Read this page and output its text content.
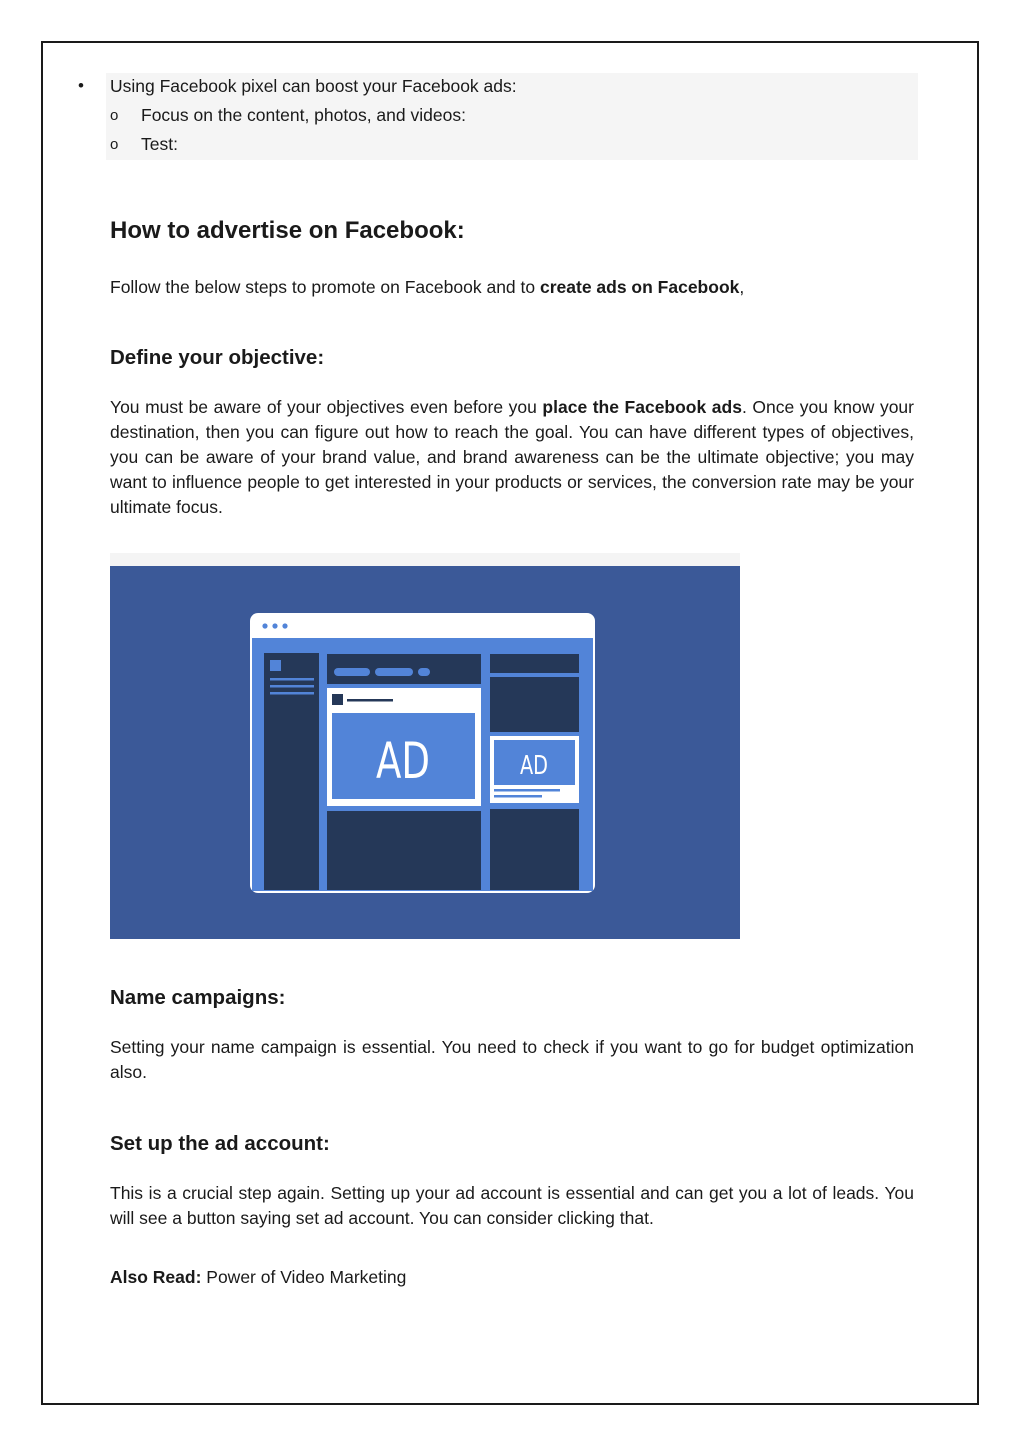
• Using Facebook pixel can boost your Facebook ads:
o Focus on the content, photos, and videos:
o Test:
How to advertise on Facebook:

Follow the below steps to promote on Facebook and to create ads on Facebook,

Define your objective:

You must be aware of your objectives even before you place the Facebook ads. Once you know your destination, then you can figure out how to reach the goal. You can have different types of objectives, you can be aware of your brand value, and brand awareness can be the ultimate objective; you may want to influence people to get interested in your products or services, the conversion rate may be your ultimate focus.

AD	AD
Name campaigns:

Setting your name campaign is essential. You need to check if you want to go for budget optimization also.

Set up the ad account:

This is a crucial step again. Setting up your ad account is essential and can get you a lot of leads. You will see a button saying set ad account. You can consider clicking that.

Also Read: Power of Video Marketing
